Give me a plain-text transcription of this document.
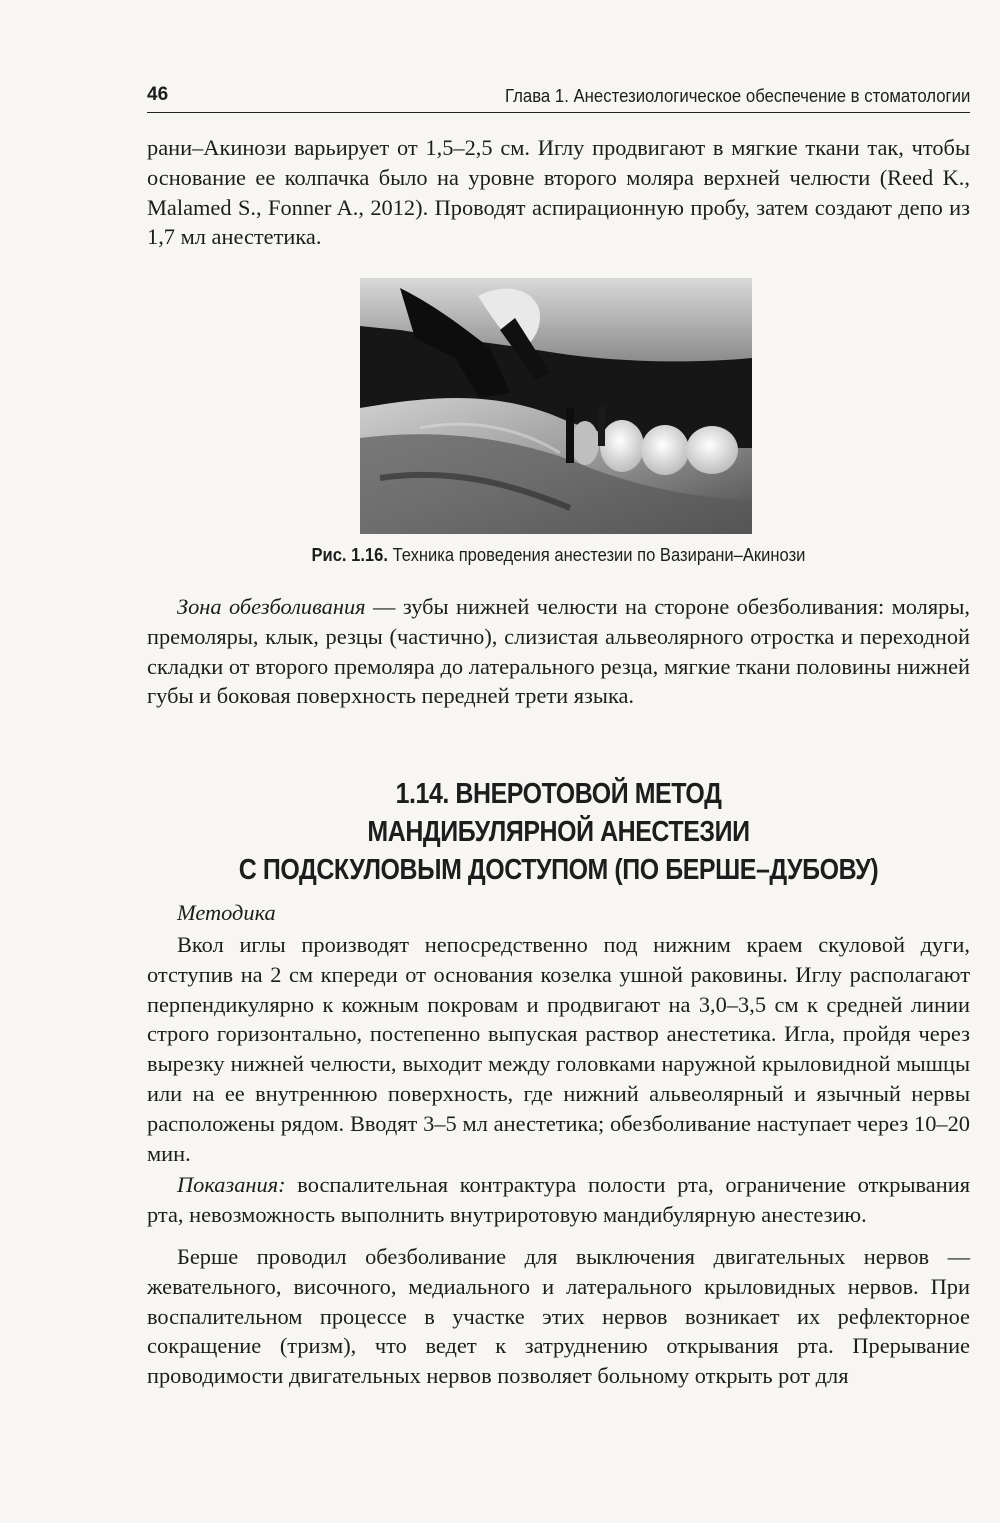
46	Глава 1. Анестезиологическое обеспечение в стоматологии

рани–Акинози варьирует от 1,5–2,5 см. Иглу продвигают в мягкие ткани так, чтобы основание ее колпачка было на уровне второго моляра верхней челюсти (Reed K., Malamed S., Fonner A., 2012). Проводят аспирационную пробу, затем создают депо из 1,7 мл анестетика.

Рис. 1.16. Техника проведения анестезии по Вазирани–Акинози

Зона обезболивания — зубы нижней челюсти на стороне обезболивания: моляры, премоляры, клык, резцы (частично), слизистая альвеолярного отростка и переходной складки от второго премоляра до латерального резца, мягкие ткани половины нижней губы и боковая поверхность передней трети языка.

1.14. ВНЕРОТОВОЙ МЕТОД
МАНДИБУЛЯРНОЙ АНЕСТЕЗИИ
С ПОДСКУЛОВЫМ ДОСТУПОМ (ПО БЕРШЕ–ДУБОВУ)
Методика

Вкол иглы производят непосредственно под нижним краем скуловой дуги, отступив на 2 см кпереди от основания козелка ушной раковины. Иглу располагают перпендикулярно к кожным покровам и продвигают на 3,0–3,5 см к средней линии строго горизонтально, постепенно выпуская раствор анестетика. Игла, пройдя через вырезку нижней челюсти, выходит между головками наружной крыловидной мышцы или на ее внутреннюю поверхность, где нижний альвеолярный и язычный нервы расположены рядом. Вводят 3–5 мл анестетика; обезболивание наступает через 10–20 мин.

Показания: воспалительная контрактура полости рта, ограничение открывания рта, невозможность выполнить внутриротовую мандибулярную анестезию.

Берше проводил обезболивание для выключения двигательных нервов — жевательного, височного, медиального и латерального крыловидных нервов. При воспалительном процессе в участке этих нервов возникает их рефлекторное сокращение (тризм), что ведет к затруднению открывания рта. Прерывание проводимости двигательных нервов позволяет больному открыть рот для
